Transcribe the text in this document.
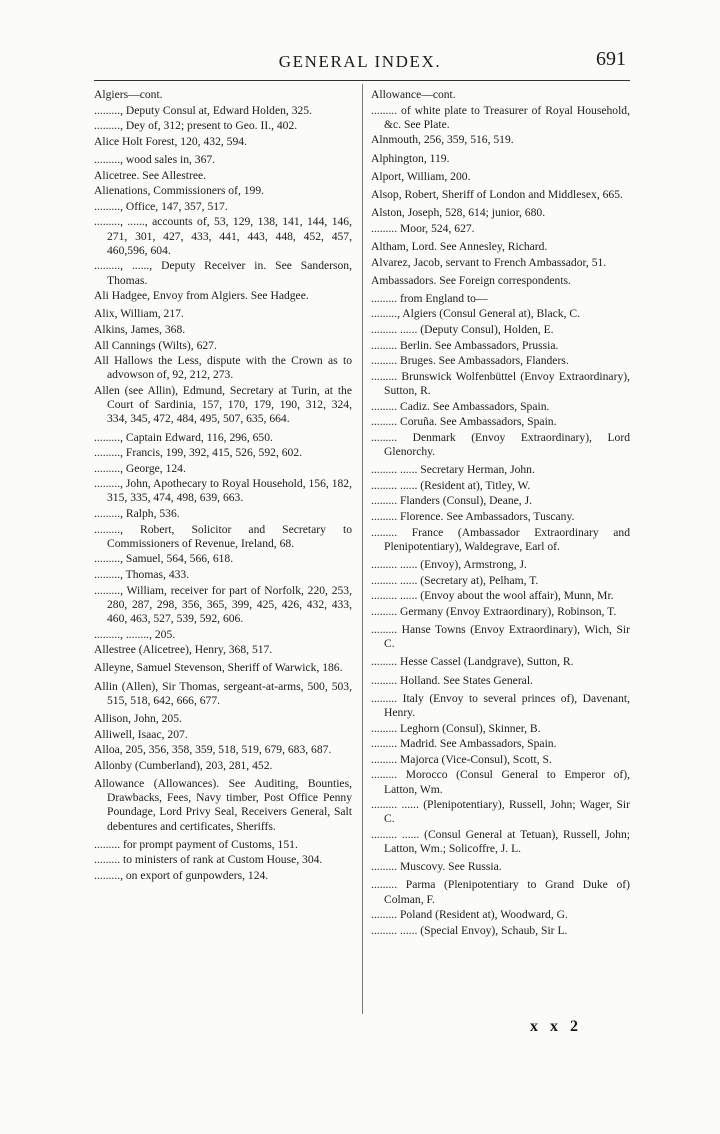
GENERAL INDEX.	691
Algiers—cont.
........., Deputy Consul at, Edward Holden, 325.
........., Dey of, 312; present to Geo. II., 402.
Alice Holt Forest, 120, 432, 594.
........., wood sales in, 367.
Alicetree. See Allestree.
Alienations, Commissioners of, 199.
........., Office, 147, 357, 517.
........., ......, accounts of, 53, 129, 138, 141, 144, 146, 271, 301, 427, 433, 441, 443, 448, 452, 457, 460,596, 604.
........., ......, Deputy Receiver in. See Sanderson, Thomas.
Ali Hadgee, Envoy from Algiers. See Hadgee.
Alix, William, 217.
Alkins, James, 368.
All Cannings (Wilts), 627.
All Hallows the Less, dispute with the Crown as to advowson of, 92, 212, 273.
Allen (see Allin), Edmund, Secretary at Turin, at the Court of Sardinia, 157, 170, 179, 190, 312, 324, 334, 345, 472, 484, 495, 507, 635, 664.
........., Captain Edward, 116, 296, 650.
........., Francis, 199, 392, 415, 526, 592, 602.
........., George, 124.
........., John, Apothecary to Royal Household, 156, 182, 315, 335, 474, 498, 639, 663.
........., Ralph, 536.
........., Robert, Solicitor and Secretary to Commissioners of Revenue, Ireland, 68.
........., Samuel, 564, 566, 618.
........., Thomas, 433.
........., William, receiver for part of Norfolk, 220, 253, 280, 287, 298, 356, 365, 399, 425, 426, 432, 433, 460, 463, 527, 539, 592, 606.
........., ........, 205.
Allestree (Alicetree), Henry, 368, 517.
Alleyne, Samuel Stevenson, Sheriff of Warwick, 186.
Allin (Allen), Sir Thomas, sergeant-at-arms, 500, 503, 515, 518, 642, 666, 677.
Allison, John, 205.
Alliwell, Isaac, 207.
Alloa, 205, 356, 358, 359, 518, 519, 679, 683, 687.
Allonby (Cumberland), 203, 281, 452.
Allowance (Allowances). See Auditing, Bounties, Drawbacks, Fees, Navy timber, Post Office Penny Poundage, Lord Privy Seal, Receivers General, Salt debentures and certificates, Sheriffs.
......... for prompt payment of Customs, 151.
......... to ministers of rank at Custom House, 304.
........., on export of gunpowders, 124.
Allowance—cont.
......... of white plate to Treasurer of Royal Household, &c. See Plate.
Alnmouth, 256, 359, 516, 519.
Alphington, 119.
Alport, William, 200.
Alsop, Robert, Sheriff of London and Middlesex, 665.
Alston, Joseph, 528, 614; junior, 680.
......... Moor, 524, 627.
Altham, Lord. See Annesley, Richard.
Alvarez, Jacob, servant to French Ambassador, 51.
Ambassadors. See Foreign correspondents.
......... from England to—
........., Algiers (Consul General at), Black, C.
......... ...... (Deputy Consul), Holden, E.
......... Berlin. See Ambassadors, Prussia.
......... Bruges. See Ambassadors, Flanders.
......... Brunswick Wolfenbüttel (Envoy Extraordinary), Sutton, R.
......... Cadiz. See Ambassadors, Spain.
......... Coruña. See Ambassadors, Spain.
......... Denmark (Envoy Extraordinary), Lord Glenorchy.
......... ...... Secretary Herman, John.
......... ...... (Resident at), Titley, W.
......... Flanders (Consul), Deane, J.
......... Florence. See Ambassadors, Tuscany.
......... France (Ambassador Extraordinary and Plenipotentiary), Waldegrave, Earl of.
......... ...... (Envoy), Armstrong, J.
......... ...... (Secretary at), Pelham, T.
......... ...... (Envoy about the wool affair), Munn, Mr.
......... Germany (Envoy Extraordinary), Robinson, T.
......... Hanse Towns (Envoy Extraordinary), Wich, Sir C.
......... Hesse Cassel (Landgrave), Sutton, R.
......... Holland. See States General.
......... Italy (Envoy to several princes of), Davenant, Henry.
......... Leghorn (Consul), Skinner, B.
......... Madrid. See Ambassadors, Spain.
......... Majorca (Vice-Consul), Scott, S.
......... Morocco (Consul General to Emperor of), Latton, Wm.
......... ...... (Plenipotentiary), Russell, John; Wager, Sir C.
......... ...... (Consul General at Tetuan), Russell, John; Latton, Wm.; Solicoffre, J. L.
......... Muscovy. See Russia.
......... Parma (Plenipotentiary to Grand Duke of) Colman, F.
......... Poland (Resident at), Woodward, G.
......... ...... (Special Envoy), Schaub, Sir L.
x x 2
